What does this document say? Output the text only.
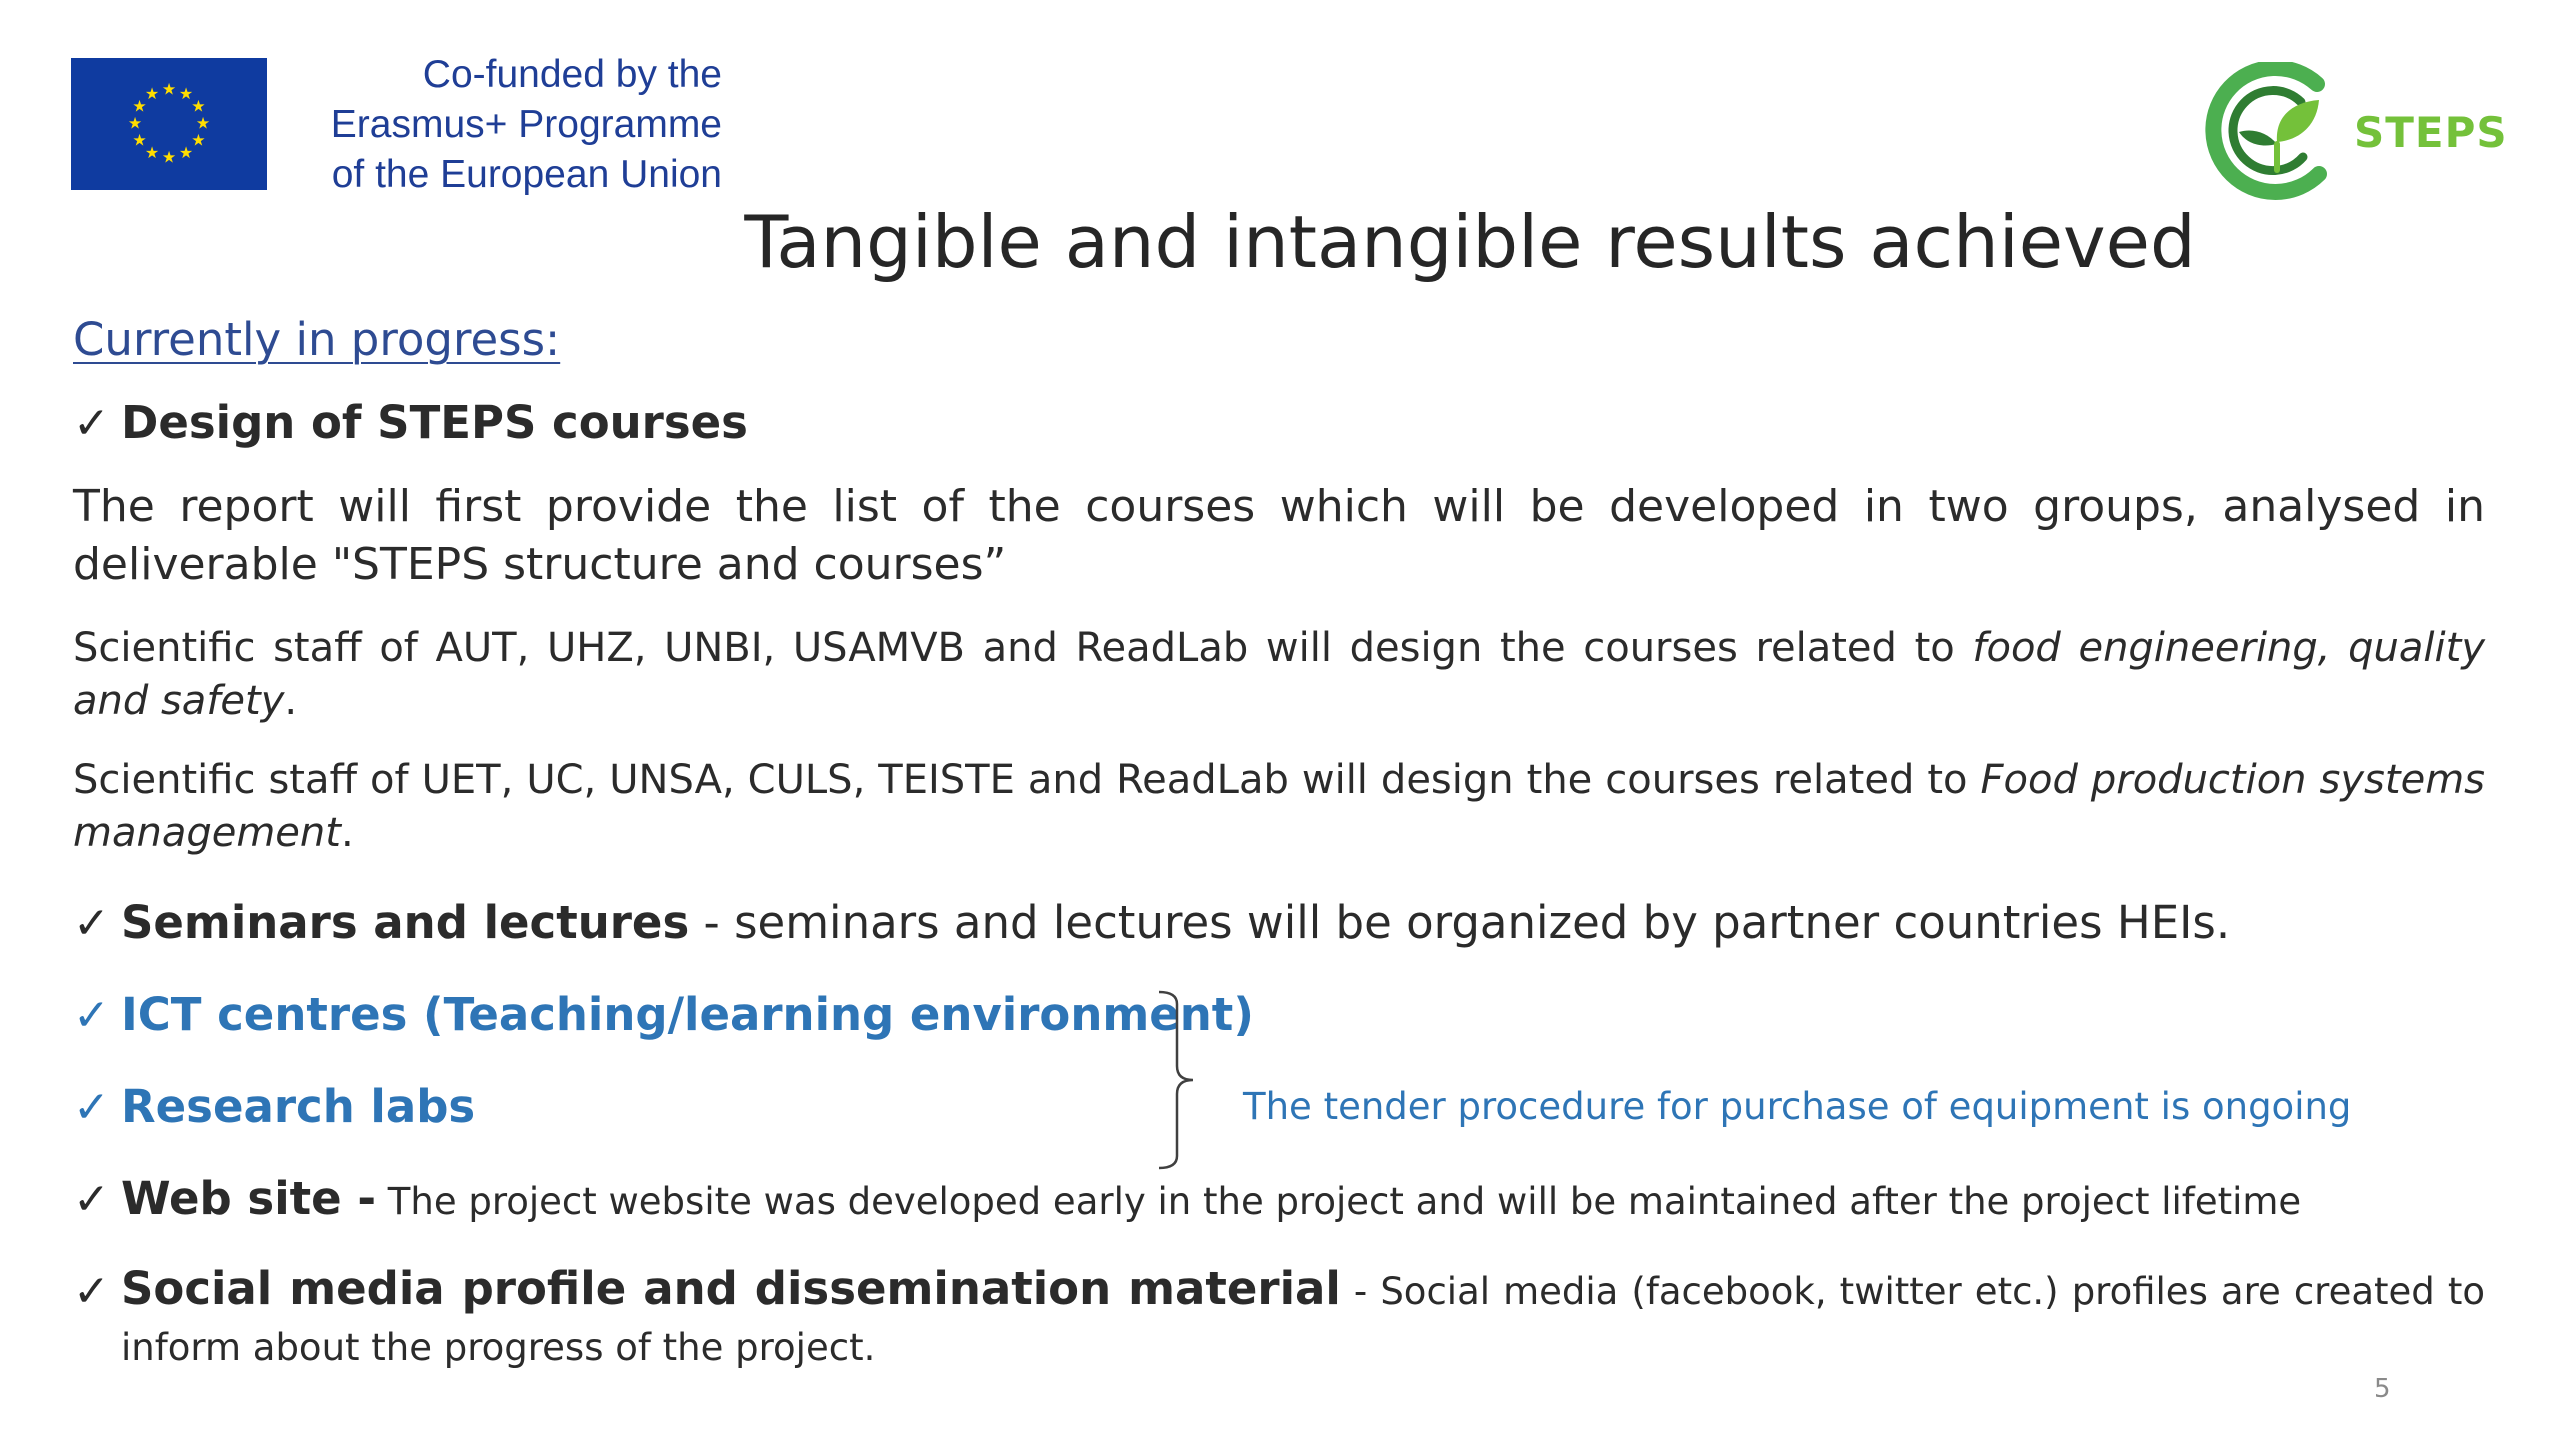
★ ★
★
★
★
★
★
★
★
★
★
★	Co-funded by the
Erasmus+ Programme
of the European Union
STEPS
Tangible and intangible results achieved
Currently in progress:
✓ Design of STEPS courses
The report will first provide the list of the courses which will be developed in two groups, analysed in deliverable "STEPS structure and courses”
Scientific staff of AUT, UHZ, UNBI, USAMVB and ReadLab will design the courses related to food engineering, quality and safety.
Scientific staff of UET, UC, UNSA, CULS, TEISTE and ReadLab will design the courses related to Food production systems management.
✓ Seminars and lectures - seminars and lectures will be organized by partner countries HEIs.
✓ ICT centres (Teaching/learning environment)
✓ Research labs	The tender procedure for purchase of equipment is ongoing
✓ Web site - The project website was developed early in the project and will be maintained after the project lifetime
✓ Social media profile and dissemination material - Social media (facebook, twitter etc.) profiles are created to inform about the progress of the project.
5
